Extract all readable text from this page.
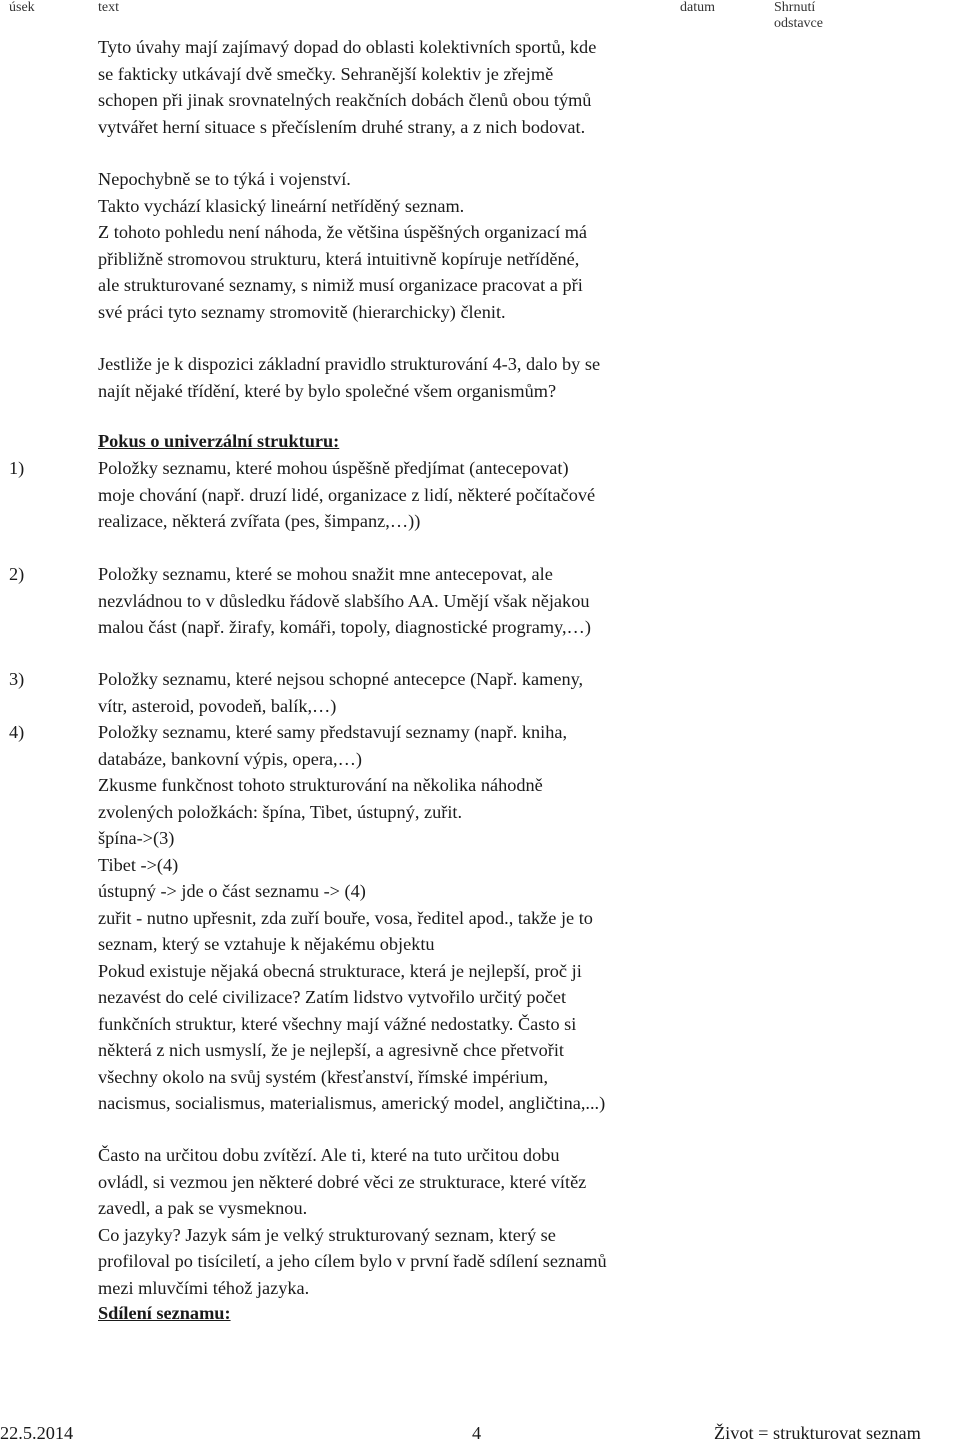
úsek	text	datum	Shrnutí
odstavce
Tyto úvahy mají zajímavý dopad do oblasti kolektivních sportů, kde
se fakticky utkávají dvě smečky. Sehranější kolektiv je zřejmě
schopen při jinak srovnatelných reakčních dobách členů obou týmů
vytvářet herní situace s přečíslením druhé strany, a z nich bodovat.
Nepochybně se to týká i vojenství.
Takto vychází klasický lineární netříděný seznam.
Z tohoto pohledu není náhoda, že většina úspěšných organizací má
přibližně stromovou strukturu, která intuitivně kopíruje netříděné,
ale strukturované seznamy, s nimiž musí organizace pracovat a při
své práci tyto seznamy stromovitě (hierarchicky) členit.
Jestliže je k dispozici základní pravidlo strukturování 4-3, dalo by se
najít nějaké třídění, které by bylo společné všem organismům?
Pokus o univerzální strukturu:
1)	Položky seznamu, které mohou úspěšně předjímat (antecepovat)
moje chování (např. druzí lidé, organizace z lidí, některé počítačové
realizace, některá zvířata (pes, šimpanz,…))
2)	Položky seznamu, které se mohou snažit mne antecepovat, ale
nezvládnou to v důsledku řádově slabšího AA. Umějí však nějakou
malou část (např. žirafy, komáři, topoly, diagnostické programy,…)
3)	Položky seznamu, které nejsou schopné antecepce (Např. kameny,
vítr, asteroid, povodeň, balík,…)
4)	Položky seznamu, které samy představují seznamy (např. kniha,
databáze, bankovní výpis, opera,…)
Zkusme funkčnost tohoto strukturování na několika náhodně
zvolených položkách: špína, Tibet, ústupný, zuřit.
špína->(3)
Tibet ->(4)
ústupný -> jde o část seznamu -> (4)
zuřit - nutno upřesnit, zda zuří bouře, vosa, ředitel apod., takže je to
seznam, který se vztahuje k nějakému objektu
Pokud existuje nějaká obecná strukturace, která je nejlepší, proč ji
nezavést do celé civilizace? Zatím lidstvo vytvořilo určitý počet
funkčních struktur, které všechny mají vážné nedostatky. Často si
některá z nich usmyslí, že je nejlepší, a agresivně chce přetvořit
všechny okolo na svůj systém (křesťanství, římské impérium,
nacismus, socialismus, materialismus, americký model, angličtina,...)
Často na určitou dobu zvítězí. Ale ti, které na tuto určitou dobu
ovládl, si vezmou jen některé dobré věci ze strukturace, které vítěz
zavedl, a pak se vysmeknou.
Co jazyky? Jazyk sám je velký strukturovaný seznam, který se
profiloval po tisíciletí, a jeho cílem bylo v první řadě sdílení seznamů
mezi mluvčími téhož jazyka.
Sdílení seznamu:
22.5.2014	4	Život = strukturovat seznam
